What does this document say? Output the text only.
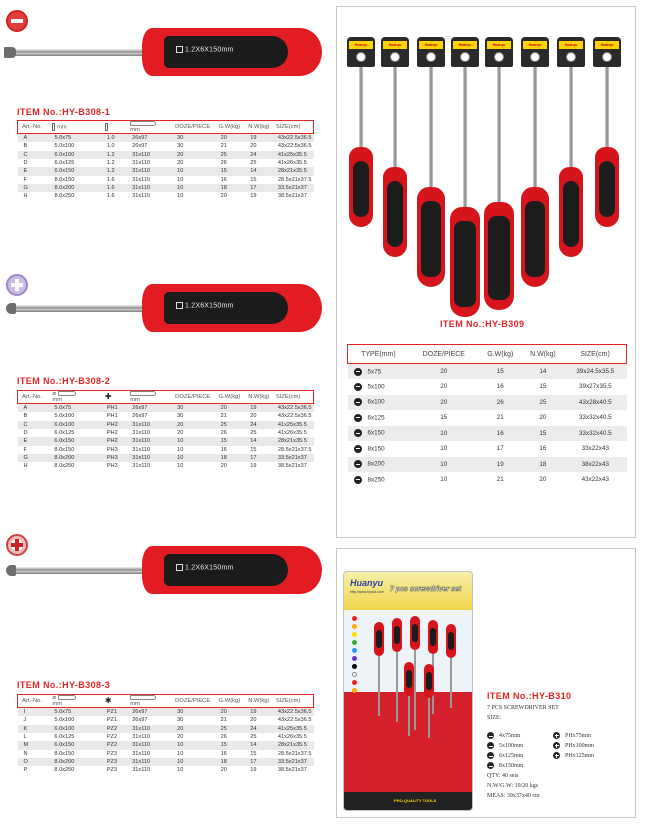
1.2X6X150mm
ITEM No.:HY-B308-1
Art.-No.	mm		mm	DOZE/PIECE	G.W(kg)	N.W(kg)	SIZE(cm)
A	5.0x75	1.0	26x97	30	20	19	43x22.5x36.5
B	5.0x100	1.0	26x97	30	21	20	43x22.5x36.5
C	6.0x100	1.2	31x110	20	25	24	41x25x35.5
D	6.0x125	1.2	31x110	20	26	25	41x26x35.5
E	6.0x150	1.2	31x110	10	15	14	28x21x35.5
F	8.0x150	1.6	31x110	10	16	15	28.5x21x37.5
G	8.0x200	1.6	31x110	10	18	17	33.5x21x37
H	8.0x250	1.6	31x110	10	20	19	38.5x21x37
1.2X6X150mm
ITEM No.:HY-B308-2
Art.-No.	⌀
mm	✚	mm	DOZE/PIECE	G.W(kg)	N.W(kg)	SIZE(cm)
A	5.0x75	PH1	26x97	30	20	19	43x22.5x36.5
B	5.0x100	PH1	26x97	30	21	20	43x22.5x36.5
C	6.0x100	PH2	31x110	20	25	24	41x25x35.5
D	6.0x125	PH2	31x110	20	26	25	41x26x35.5
E	6.0x150	PH2	31x110	10	15	14	28x21x35.5
F	8.0x150	PH3	31x110	10	16	15	28.5x21x37.5
G	8.0x200	PH3	31x110	10	18	17	33.5x21x37
H	8.0x250	PH3	31x110	10	20	19	38.5x21x37
1.2X6X150mm
ITEM No.:HY-B308-3
Art.-No.	⌀
mm	✱	mm	DOZE/PIECE	G.W(kg)	N.W(kg)	SIZE(cm)
I	5.0x75	PZ1	26x97	30	20	19	43x22.5x36.5
J	5.0x100	PZ1	26x97	30	21	20	43x22.5x36.5
K	6.0x100	PZ2	31x110	20	25	24	41x25x35.5
L	6.0x125	PZ2	31x110	20	26	25	41x26x35.5
M	6.0x150	PZ2	31x110	10	15	14	28x21x35.5
N	8.0x150	PZ3	31x110	10	16	15	28.5x21x37.5
O	8.0x200	PZ3	31x110	10	18	17	33.5x21x37
P	8.0x250	PZ3	31x110	10	20	19	38.5x21x37
Huanyu	Huanyu	Huanyu	Huanyu	Huanyu	Huanyu	Huanyu	Huanyu
ITEM No.:HY-B309
TYPE(mm)	DOZE/PIECE	G.W(kg)	N.W(kg)	SIZE(cm)
5x75	20	15	14	39x24.5x35.5
5x100	20	16	15	39x27x35.5
6x100	20	26	25	43x28x40.5
6x125	15	21	20	33x32x40.5
6x150	10	16	15	33x32x40.5
8x150	10	17	16	33x22x43
8x200	10	19	18	38x22x43
8x250	10	21	20	43x22x43
Huanyu
http://www.hyiool.com 7 pcs screwdriver set
PRO-QUALITY TOOLS
ITEM No.:HY-B310
7 PCS SCREWDRIVER SET
SIZE:
4x75mm	PHx75mm
5x100mm	PHx100mm
6x125mm	PHx125mm
8x150mm
QTY: 40 sets
N.W/G.W: 19/20 kgs
MEAS: 39x37x40 cm
